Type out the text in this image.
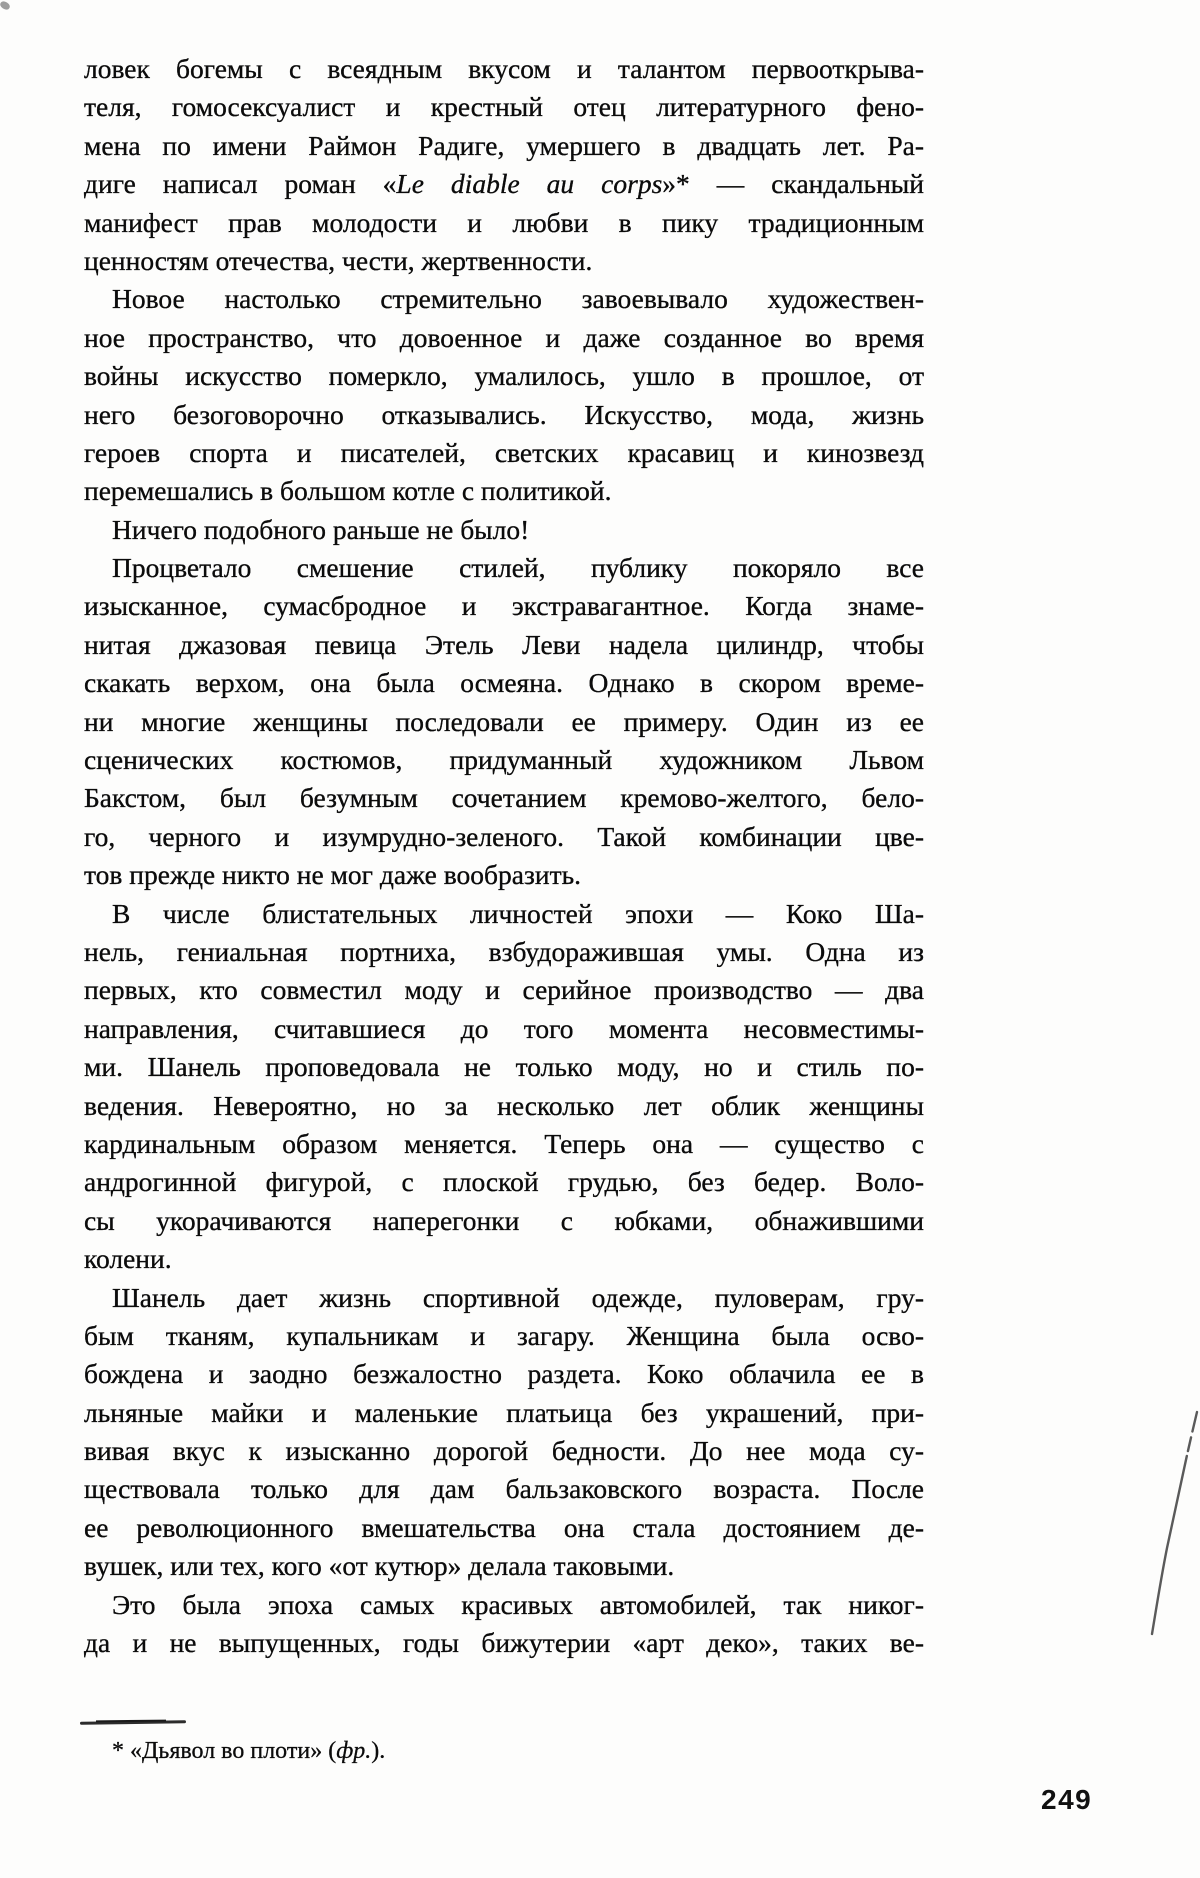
ловек богемы с всеядным вкусом и талантом первооткрыва-
теля, гомосексуалист и крестный отец литературного фено-
мена по имени Раймон Радиге, умершего в двадцать лет. Ра-
диге написал роман «Le diable au corps»* — скандальный
манифест прав молодости и любви в пику традиционным
ценностям отечества, чести, жертвенности.
Новое настолько стремительно завоевывало художествен-
ное пространство, что довоенное и даже созданное во время
войны искусство померкло, умалилось, ушло в прошлое, от
него безоговорочно отказывались. Искусство, мода, жизнь
героев спорта и писателей, светских красавиц и кинозвезд
перемешались в большом котле с политикой.
Ничего подобного раньше не было!
Процветало смешение стилей, публику покоряло все
изысканное, сумасбродное и экстравагантное. Когда знаме-
нитая джазовая певица Этель Леви надела цилиндр, чтобы
скакать верхом, она была осмеяна. Однако в скором време-
ни многие женщины последовали ее примеру. Один из ее
сценических костюмов, придуманный художником Львом
Бакстом, был безумным сочетанием кремово-желтого, бело-
го, черного и изумрудно-зеленого. Такой комбинации цве-
тов прежде никто не мог даже вообразить.
В числе блистательных личностей эпохи — Коко Ша-
нель, гениальная портниха, взбудоражившая умы. Одна из
первых, кто совместил моду и серийное производство — два
направления, считавшиеся до того момента несовместимы-
ми. Шанель проповедовала не только моду, но и стиль по-
ведения. Невероятно, но за несколько лет облик женщины
кардинальным образом меняется. Теперь она — существо с
андрогинной фигурой, с плоской грудью, без бедер. Воло-
сы укорачиваются наперегонки с юбками, обнажившими
колени.
Шанель дает жизнь спортивной одежде, пуловерам, гру-
бым тканям, купальникам и загару. Женщина была осво-
бождена и заодно безжалостно раздета. Коко облачила ее в
льняные майки и маленькие платьица без украшений, при-
вивая вкус к изысканно дорогой бедности. До нее мода су-
ществовала только для дам бальзаковского возраста. После
ее революционного вмешательства она стала достоянием де-
вушек, или тех, кого «от кутюр» делала таковыми.
Это была эпоха самых красивых автомобилей, так никог-
да и не выпущенных, годы бижутерии «арт деко», таких ве-
* «Дьявол во плоти» (фр.).
249
